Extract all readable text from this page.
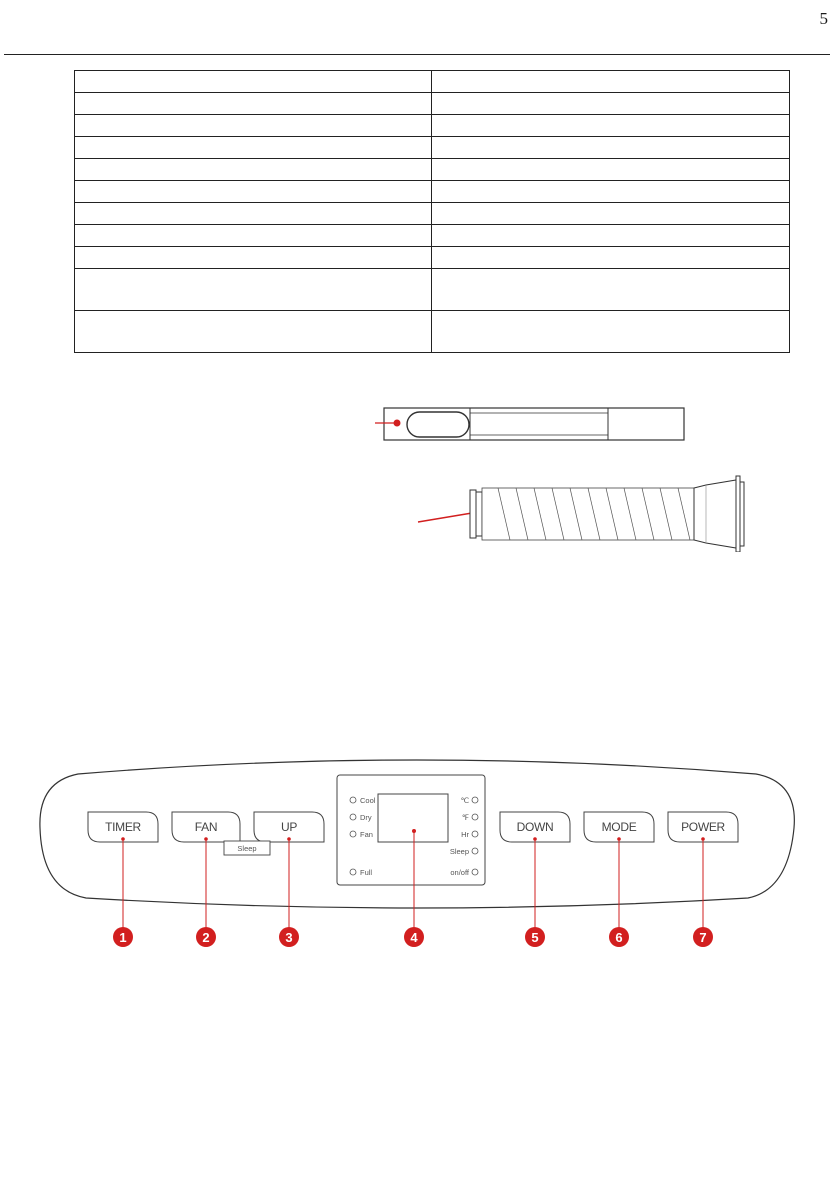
5

TIMER	FAN	UP	DOWN	MODE	POWER
Sleep
Cool
Dry
Fan
℃
℉
Hr
Sleep
Full	on/off
1	2	3	5	6	7
4
